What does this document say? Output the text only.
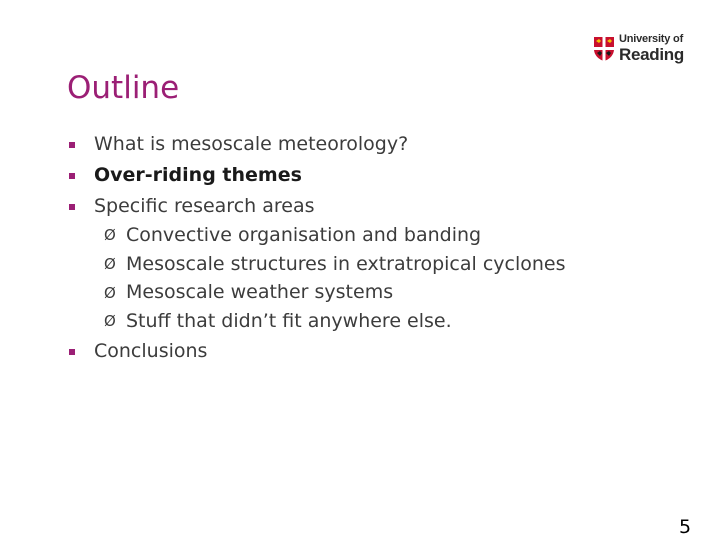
University of
Reading
Outline
What is mesoscale meteorology?
Over-riding themes
Specific research areas
Ø Convective organisation and banding
Ø Mesoscale structures in extratropical cyclones
Ø Mesoscale weather systems
Ø Stuff that didn’t fit anywhere else.
Conclusions
5
